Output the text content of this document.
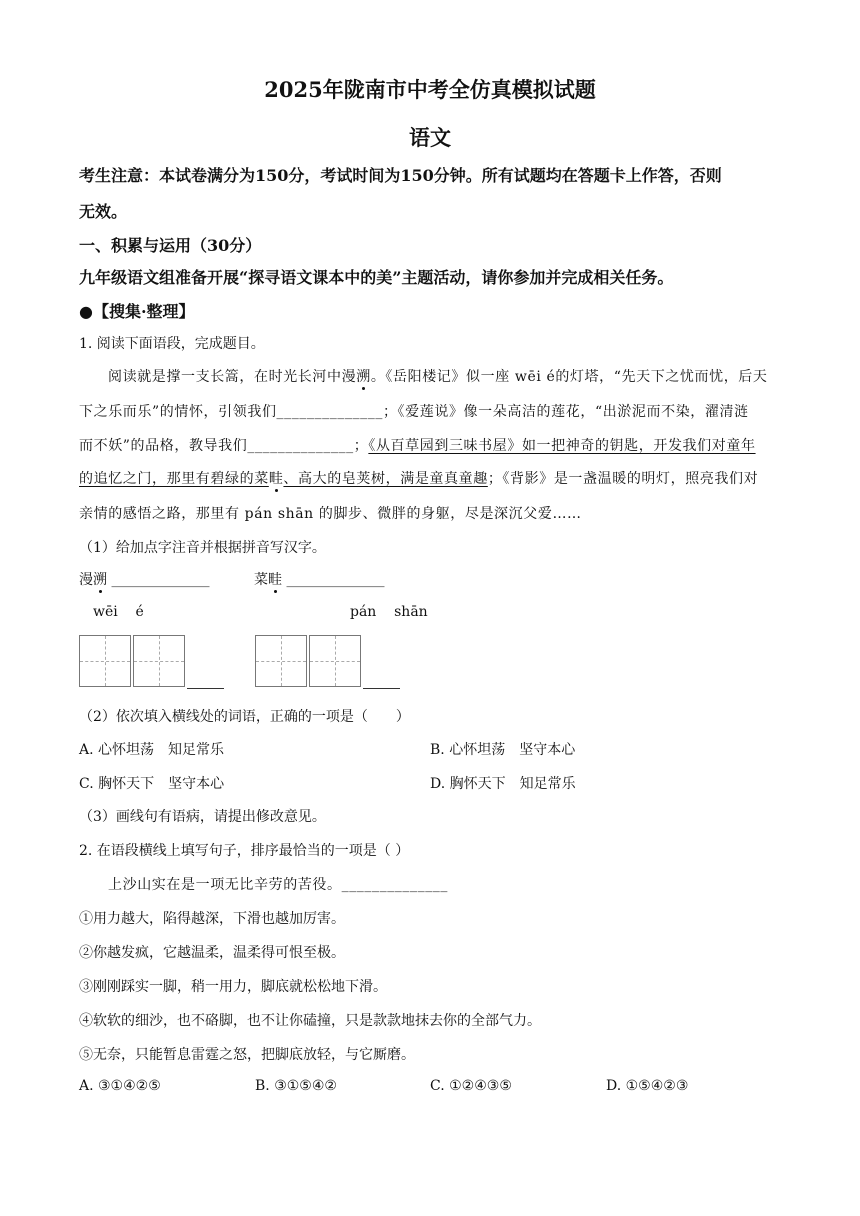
2025年陇南市中考全仿真模拟试题
语文
考生注意：本试卷满分为150分，考试时间为150分钟。所有试题均在答题卡上作答，否则
无效。
一、积累与运用（30分）
九年级语文组准备开展“探寻语文课本中的美”主题活动，请你参加并完成相关任务。
●【搜集·整理】
1. 阅读下面语段，完成题目。
阅读就是撑一支长篙，在时光长河中漫溯。《岳阳楼记》似一座 wēi é的灯塔，“先天下之忧而忧，后天
下之乐而乐”的情怀，引领我们______________；《爱莲说》像一朵高洁的莲花，“出淤泥而不染，濯清涟
而不妖”的品格，教导我们______________；《从百草园到三味书屋》如一把神奇的钥匙，开发我们对童年
的追忆之门，那里有碧绿的菜畦、高大的皂荚树，满是童真童趣；《背影》是一盏温暖的明灯，照亮我们对
亲情的感悟之路，那里有 pán shān 的脚步、微胖的身躯，尽是深沉父爱……
（1）给加点字注音并根据拼音写汉字。
漫溯 ______________	菜畦 ______________
wēi    é	pán    shān
（2）依次填入横线处的词语，正确的一项是（　　）
A. 心怀坦荡　知足常乐	B. 心怀坦荡　坚守本心
C. 胸怀天下　坚守本心	D. 胸怀天下　知足常乐
（3）画线句有语病，请提出修改意见。
2. 在语段横线上填写句子，排序最恰当的一项是（ ）
上沙山实在是一项无比辛劳的苦役。______________
①用力越大，陷得越深，下滑也越加厉害。
②你越发疯，它越温柔，温柔得可恨至极。
③刚刚踩实一脚，稍一用力，脚底就松松地下滑。
④软软的细沙，也不硌脚，也不让你磕撞，只是款款地抹去你的全部气力。
⑤无奈，只能暂息雷霆之怒，把脚底放轻，与它厮磨。
A. ③①④②⑤	B. ③①⑤④②	C. ①②④③⑤	D. ①⑤④②③
